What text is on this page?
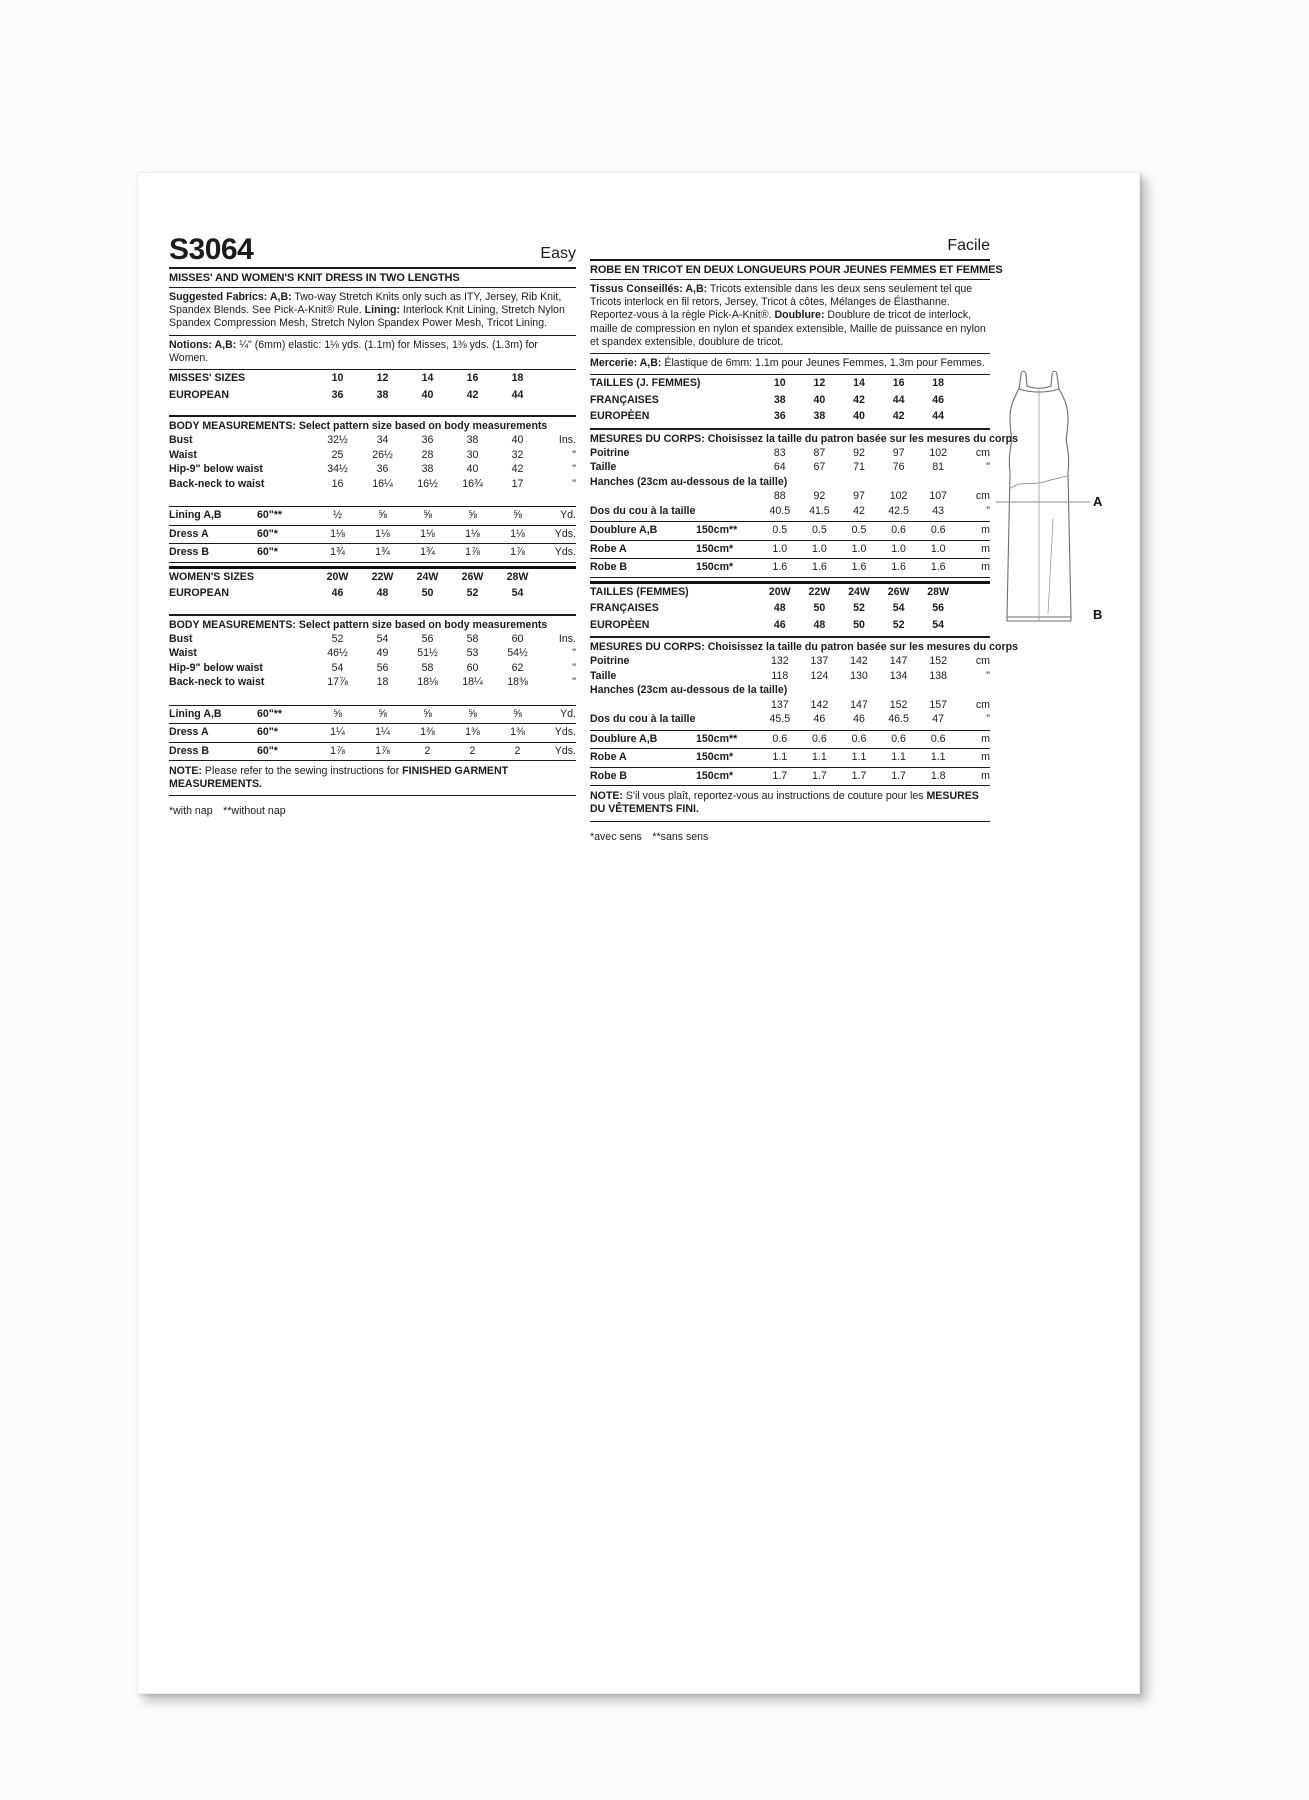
S3064	Easy
MISSES' AND WOMEN'S KNIT DRESS IN TWO LENGTHS

Suggested Fabrics: A,B: Two-way Stretch Knits only such as ITY, Jersey, Rib Knit, Spandex Blends. See Pick-A-Knit® Rule. Lining: Interlock Knit Lining, Stretch Nylon Spandex Compression Mesh, Stretch Nylon Spandex Power Mesh, Tricot Lining.

Notions: A,B: ¼" (6mm) elastic: 1⅛ yds. (1.1m) for Misses, 1⅜ yds. (1.3m) for Women.

MISSES' SIZES	10	12	14	16	18
EUROPEAN	36	38	40	42	44
BODY MEASUREMENTS: Select pattern size based on body measurements
Bust	32½	34	36	38	40	Ins.
Waist	25	26½	28	30	32	"
Hip-9" below waist	34½	36	38	40	42	"
Back-neck to waist	16	16¼	16½	16¾	17	"
Lining A,B	60"**	½	⅝	⅝	⅝	⅝	Yd.
Dress A	60"*	1⅛	1⅛	1⅛	1⅛	1⅛	Yds.
Dress B	60"*	1¾	1¾	1¾	1⅞	1⅞	Yds.
WOMEN'S SIZES	20W	22W	24W	26W	28W
EUROPEAN	46	48	50	52	54
BODY MEASUREMENTS: Select pattern size based on body measurements
Bust	52	54	56	58	60	Ins.
Waist	46½	49	51½	53	54½	"
Hip-9" below waist	54	56	58	60	62	"
Back-neck to waist	17⅞	18	18⅛	18¼	18⅜	"
Lining A,B	60"**	⅝	⅝	⅝	⅝	⅝	Yd.
Dress A	60"*	1¼	1¼	1⅜	1⅜	1⅜	Yds.
Dress B	60"*	1⅞	1⅞	2	2	2	Yds.

NOTE: Please refer to the sewing instructions for FINISHED GARMENT MEASUREMENTS.

*with nap **without nap

Facile
ROBE EN TRICOT EN DEUX LONGUEURS POUR JEUNES FEMMES ET FEMMES

Tissus Conseillés: A,B: Tricots extensible dans les deux sens seulement tel que Tricots interlock en fil retors, Jersey, Tricot à côtes, Mélanges de Élasthanne. Reportez-vous à la règle Pick-A-Knit®. Doublure: Doublure de tricot de interlock, maille de compression en nylon et spandex extensible, Maille de puissance en nylon et spandex extensible, doublure de tricot.

Mercerie: A,B: Élastique de 6mm: 1.1m pour Jeunes Femmes, 1.3m pour Femmes.

TAILLES (J. FEMMES)	10	12	14	16	18
FRANÇAISES	38	40	42	44	46
EUROPÈEN	36	38	40	42	44
MESURES DU CORPS: Choisissez la taille du patron basée sur les mesures du corps
Poitrine	83	87	92	97	102	cm
Taille	64	67	71	76	81	"
Hanches (23cm au-dessous de la taille)
88	92	97	102	107	cm
Dos du cou à la taille	40.5	41.5	42	42.5	43	"
Doublure A,B	150cm**	0.5	0.5	0.5	0.6	0.6	m
Robe A	150cm*	1.0	1.0	1.0	1.0	1.0	m
Robe B	150cm*	1.6	1.6	1.6	1.6	1.6	m
TAILLES (FEMMES)	20W	22W	24W	26W	28W
FRANÇAISES	48	50	52	54	56
EUROPÈEN	46	48	50	52	54
MESURES DU CORPS: Choisissez la taille du patron basée sur les mesures du corps
Poitrine	132	137	142	147	152	cm
Taille	118	124	130	134	138	"
Hanches (23cm au-dessous de la taille)
137	142	147	152	157	cm
Dos du cou à la taille	45.5	46	46	46.5	47	"
Doublure A,B	150cm**	0.6	0.6	0.6	0.6	0.6	m
Robe A	150cm*	1.1	1.1	1.1	1.1	1.1	m
Robe B	150cm*	1.7	1.7	1.7	1.7	1.8	m

NOTE: S'il vous plaît, reportez-vous au instructions de couture pour les MESURES DU VÊTEMENTS FINI.

*avec sens **sans sens

A
B
